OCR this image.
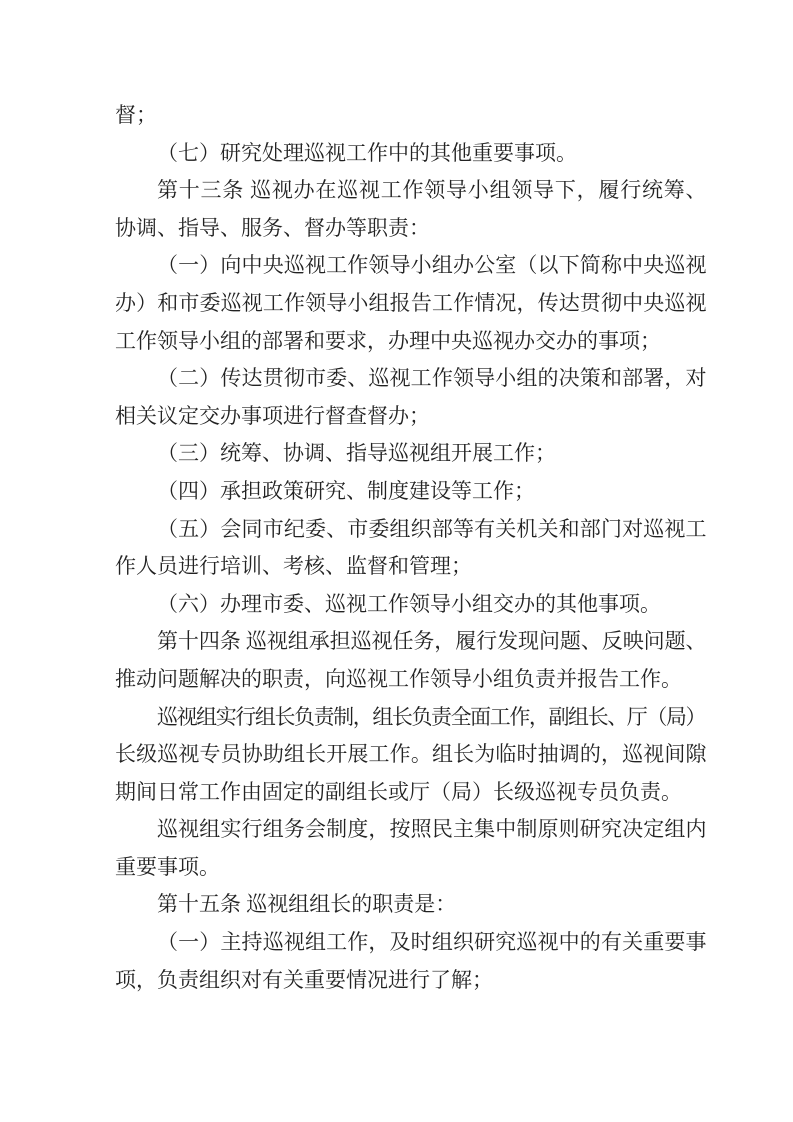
督；
（七）研究处理巡视工作中的其他重要事项。
第十三条 巡视办在巡视工作领导小组领导下，履行统筹、
协调、指导、服务、督办等职责：
（一）向中央巡视工作领导小组办公室（以下简称中央巡视
办）和市委巡视工作领导小组报告工作情况，传达贯彻中央巡视
工作领导小组的部署和要求，办理中央巡视办交办的事项；
（二）传达贯彻市委、巡视工作领导小组的决策和部署，对
相关议定交办事项进行督查督办；
（三）统筹、协调、指导巡视组开展工作；
（四）承担政策研究、制度建设等工作；
（五）会同市纪委、市委组织部等有关机关和部门对巡视工
作人员进行培训、考核、监督和管理；
（六）办理市委、巡视工作领导小组交办的其他事项。
第十四条 巡视组承担巡视任务，履行发现问题、反映问题、
推动问题解决的职责，向巡视工作领导小组负责并报告工作。
巡视组实行组长负责制，组长负责全面工作，副组长、厅（局）
长级巡视专员协助组长开展工作。组长为临时抽调的，巡视间隙
期间日常工作由固定的副组长或厅（局）长级巡视专员负责。
巡视组实行组务会制度，按照民主集中制原则研究决定组内
重要事项。
第十五条 巡视组组长的职责是：
（一）主持巡视组工作，及时组织研究巡视中的有关重要事
项，负责组织对有关重要情况进行了解；
